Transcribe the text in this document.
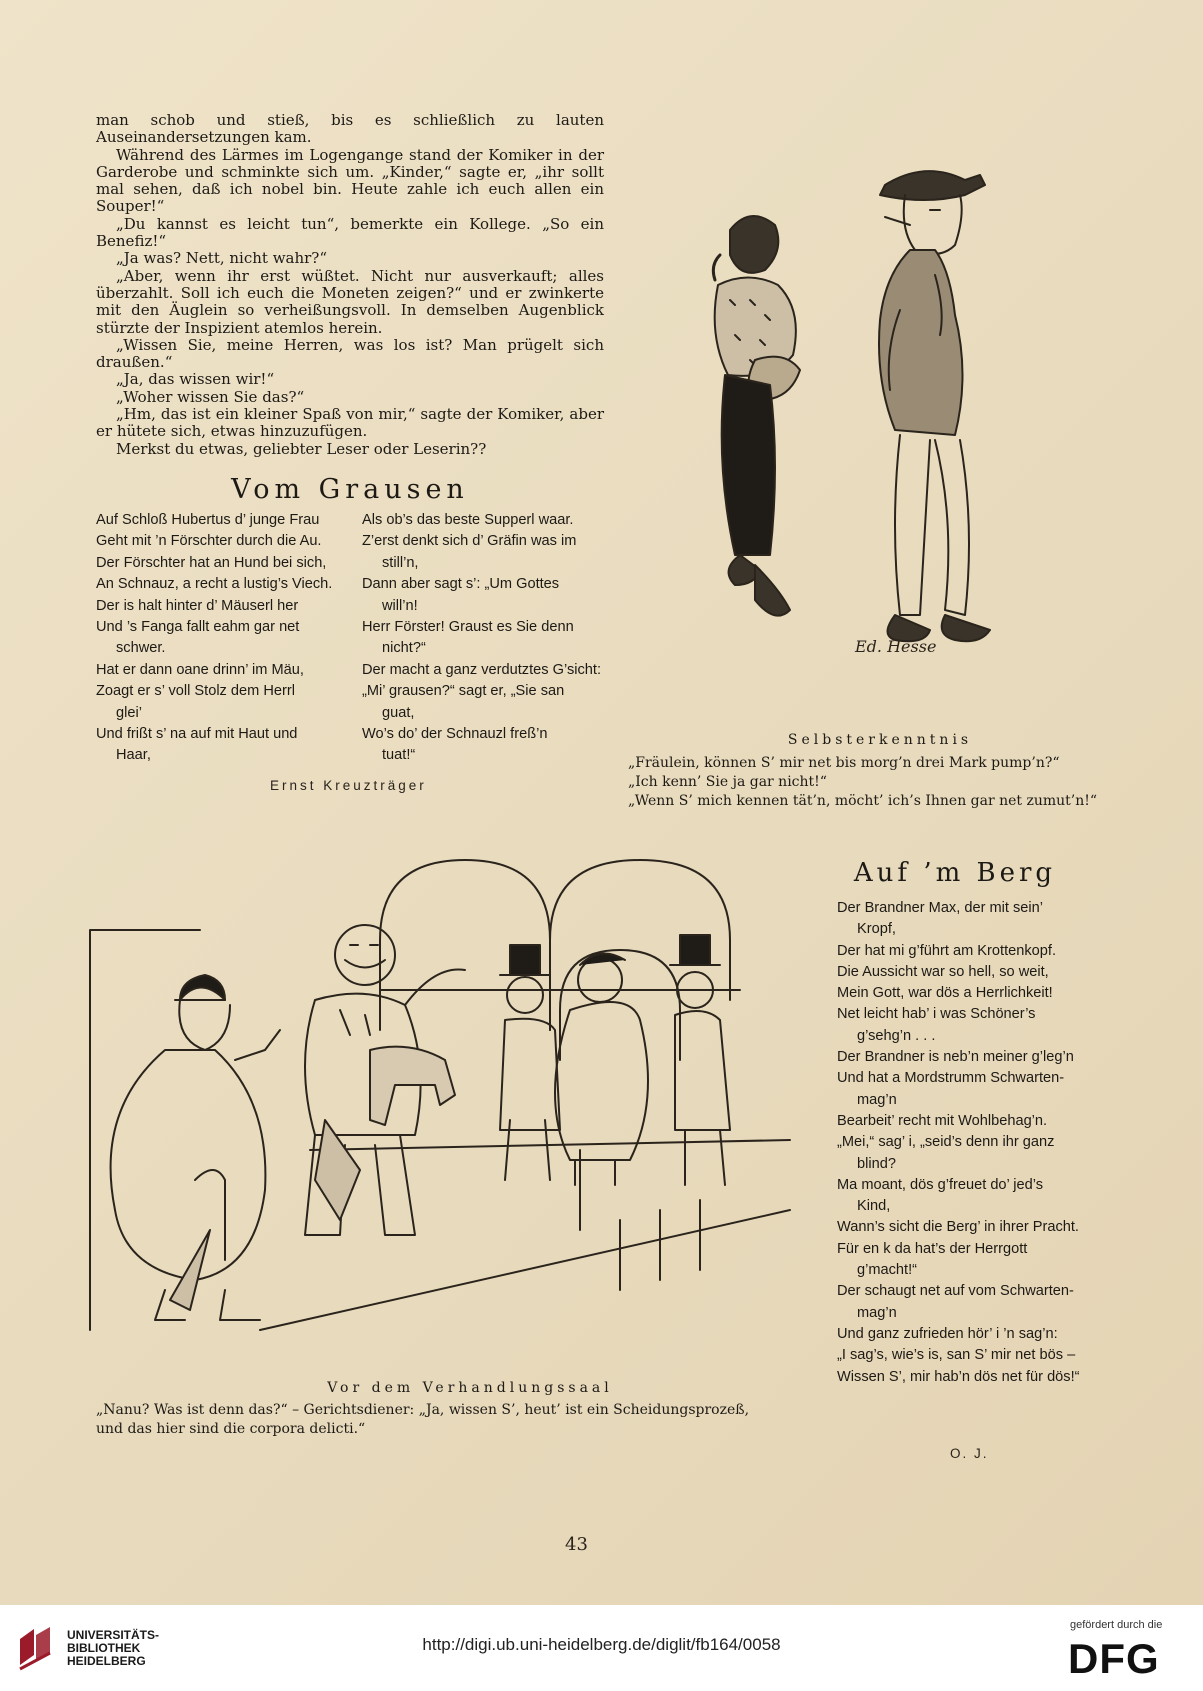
man schob und stieß, bis es schließlich zu lauten Auseinandersetzungen kam.

Während des Lärmes im Logengange stand der Komiker in der Garderobe und schminkte sich um. „Kinder,“ sagte er, „ihr sollt mal sehen, daß ich nobel bin. Heute zahle ich euch allen ein Souper!“

„Du kannst es leicht tun“, bemerkte ein Kollege. „So ein Benefiz!“

„Ja was? Nett, nicht wahr?“

„Aber, wenn ihr erst wüßtet. Nicht nur ausverkauft; alles überzahlt. Soll ich euch die Moneten zeigen?“ und er zwinkerte mit den Äuglein so verheißungsvoll. In demselben Augenblick stürzte der Inspizient atemlos herein.

„Wissen Sie, meine Herren, was los ist? Man prügelt sich draußen.“

„Ja, das wissen wir!“

„Woher wissen Sie das?“

„Hm, das ist ein kleiner Spaß von mir,“ sagte der Komiker, aber er hütete sich, etwas hinzuzufügen.

Merkst du etwas, geliebter Leser oder Leserin??

Vom Grausen
Auf Schloß Hubertus d’ junge Frau
Geht mit ’n Förschter durch die Au.
Der Förschter hat an Hund bei sich,
An Schnauz, a recht a lustig’s Viech.
Der is halt hinter d’ Mäuserl her
Und ’s Fanga fallt eahm gar net
schwer.
Hat er dann oane drinn’ im Mäu,
Zoagt er s’ voll Stolz dem Herrl
glei’
Und frißt s’ na auf mit Haut und
Haar,
Als ob’s das beste Supperl waar.
Z’erst denkt sich d’ Gräfin was im
still’n,
Dann aber sagt s’: „Um Gottes
will’n!
Herr Förster! Graust es Sie denn
nicht?“
Der macht a ganz verdutztes G’sicht:
„Mi’ grausen?“ sagt er, „Sie san
guat,
Wo’s do’ der Schnauzl freß’n
tuat!“
Ernst Kreuzträger
Ed. Hesse
Selbsterkenntnis
„Fräulein, können S’ mir net bis morg’n drei Mark pump’n?“
„Ich kenn’ Sie ja gar nicht!“
„Wenn S’ mich kennen tät’n, möcht’ ich’s Ihnen gar net zumut’n!“
Vor dem Verhandlungssaal
„Nanu? Was ist denn das?“ – Gerichtsdiener: „Ja, wissen S’, heut’ ist ein Scheidungsprozeß,
und das hier sind die corpora delicti.“
Auf ’m Berg
Der Brandner Max, der mit sein’
Kropf,
Der hat mi g’führt am Krottenkopf.
Die Aussicht war so hell, so weit,
Mein Gott, war dös a Herrlichkeit!
Net leicht hab’ i was Schöner’s
g’sehg’n . . .
Der Brandner is neb’n meiner g’leg’n
Und hat a Mordstrumm Schwarten-
mag’n
Bearbeit’ recht mit Wohlbehag’n.
„Mei,“ sag’ i, „seid’s denn ihr ganz
blind?
Ma moant, dös g’freuet do’ jed’s
Kind,
Wann’s sicht die Berg’ in ihrer Pracht.
Für en k da hat’s der Herrgott
g’macht!“
Der schaugt net auf vom Schwarten-
mag’n
Und ganz zufrieden hör’ i ’n sag’n:
„I sag’s, wie’s is, san S’ mir net bös –
Wissen S’, mir hab’n dös net für dös!“
O. J.
43
UNIVERSITÄTS-
BIBLIOTHEK
HEIDELBERG
http://digi.ub.uni-heidelberg.de/diglit/fb164/0058
gefördert durch die
DFG
